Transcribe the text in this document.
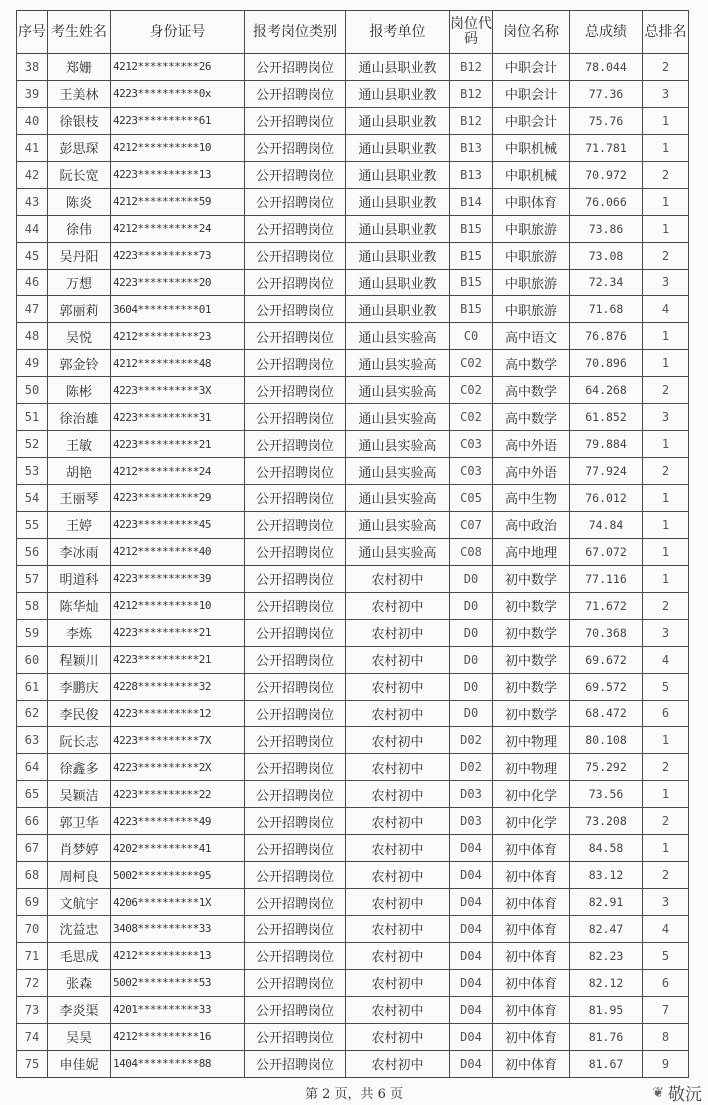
序号	考生姓名	身份证号	报考岗位类别	报考单位	岗位代码	岗位名称	总成绩	总排名
38	郑姗	4212**********26	公开招聘岗位	通山县职业教	B12	中职会计	78.044	2
39	王美林	4223**********0x	公开招聘岗位	通山县职业教	B12	中职会计	77.36	3
40	徐银枝	4223**********61	公开招聘岗位	通山县职业教	B12	中职会计	75.76	1
41	彭思琛	4212**********10	公开招聘岗位	通山县职业教	B13	中职机械	71.781	1
42	阮长宽	4223**********13	公开招聘岗位	通山县职业教	B13	中职机械	70.972	2
43	陈炎	4212**********59	公开招聘岗位	通山县职业教	B14	中职体育	76.066	1
44	徐伟	4212**********24	公开招聘岗位	通山县职业教	B15	中职旅游	73.86	1
45	吴丹阳	4223**********73	公开招聘岗位	通山县职业教	B15	中职旅游	73.08	2
46	万想	4223**********20	公开招聘岗位	通山县职业教	B15	中职旅游	72.34	3
47	郭丽莉	3604**********01	公开招聘岗位	通山县职业教	B15	中职旅游	71.68	4
48	吴悦	4212**********23	公开招聘岗位	通山县实验高	C0	高中语文	76.876	1
49	郭金铃	4212**********48	公开招聘岗位	通山县实验高	C02	高中数学	70.896	1
50	陈彬	4223**********3X	公开招聘岗位	通山县实验高	C02	高中数学	64.268	2
51	徐治雄	4223**********31	公开招聘岗位	通山县实验高	C02	高中数学	61.852	3
52	王敏	4223**********21	公开招聘岗位	通山县实验高	C03	高中外语	79.884	1
53	胡艳	4212**********24	公开招聘岗位	通山县实验高	C03	高中外语	77.924	2
54	王丽琴	4223**********29	公开招聘岗位	通山县实验高	C05	高中生物	76.012	1
55	王婷	4223**********45	公开招聘岗位	通山县实验高	C07	高中政治	74.84	1
56	李冰雨	4212**********40	公开招聘岗位	通山县实验高	C08	高中地理	67.072	1
57	明道科	4223**********39	公开招聘岗位	农村初中	D0	初中数学	77.116	1
58	陈华灿	4212**********10	公开招聘岗位	农村初中	D0	初中数学	71.672	2
59	李炼	4223**********21	公开招聘岗位	农村初中	D0	初中数学	70.368	3
60	程颖川	4223**********21	公开招聘岗位	农村初中	D0	初中数学	69.672	4
61	李鹏庆	4228**********32	公开招聘岗位	农村初中	D0	初中数学	69.572	5
62	李民俊	4223**********12	公开招聘岗位	农村初中	D0	初中数学	68.472	6
63	阮长志	4223**********7X	公开招聘岗位	农村初中	D02	初中物理	80.108	1
64	徐鑫多	4223**********2X	公开招聘岗位	农村初中	D02	初中物理	75.292	2
65	吴颖洁	4223**********22	公开招聘岗位	农村初中	D03	初中化学	73.56	1
66	郭卫华	4223**********49	公开招聘岗位	农村初中	D03	初中化学	73.208	2
67	肖梦婷	4202**********41	公开招聘岗位	农村初中	D04	初中体育	84.58	1
68	周柯良	5002**********95	公开招聘岗位	农村初中	D04	初中体育	83.12	2
69	文航宇	4206**********1X	公开招聘岗位	农村初中	D04	初中体育	82.91	3
70	沈益忠	3408**********33	公开招聘岗位	农村初中	D04	初中体育	82.47	4
71	毛思成	4212**********13	公开招聘岗位	农村初中	D04	初中体育	82.23	5
72	张森	5002**********53	公开招聘岗位	农村初中	D04	初中体育	82.12	6
73	李炎渠	4201**********33	公开招聘岗位	农村初中	D04	初中体育	81.95	7
74	吴昊	4212**********16	公开招聘岗位	农村初中	D04	初中体育	81.76	8
75	申佳妮	1404**********88	公开招聘岗位	农村初中	D04	初中体育	81.67	9
第 2 页，共 6 页	❦ 敬沅
